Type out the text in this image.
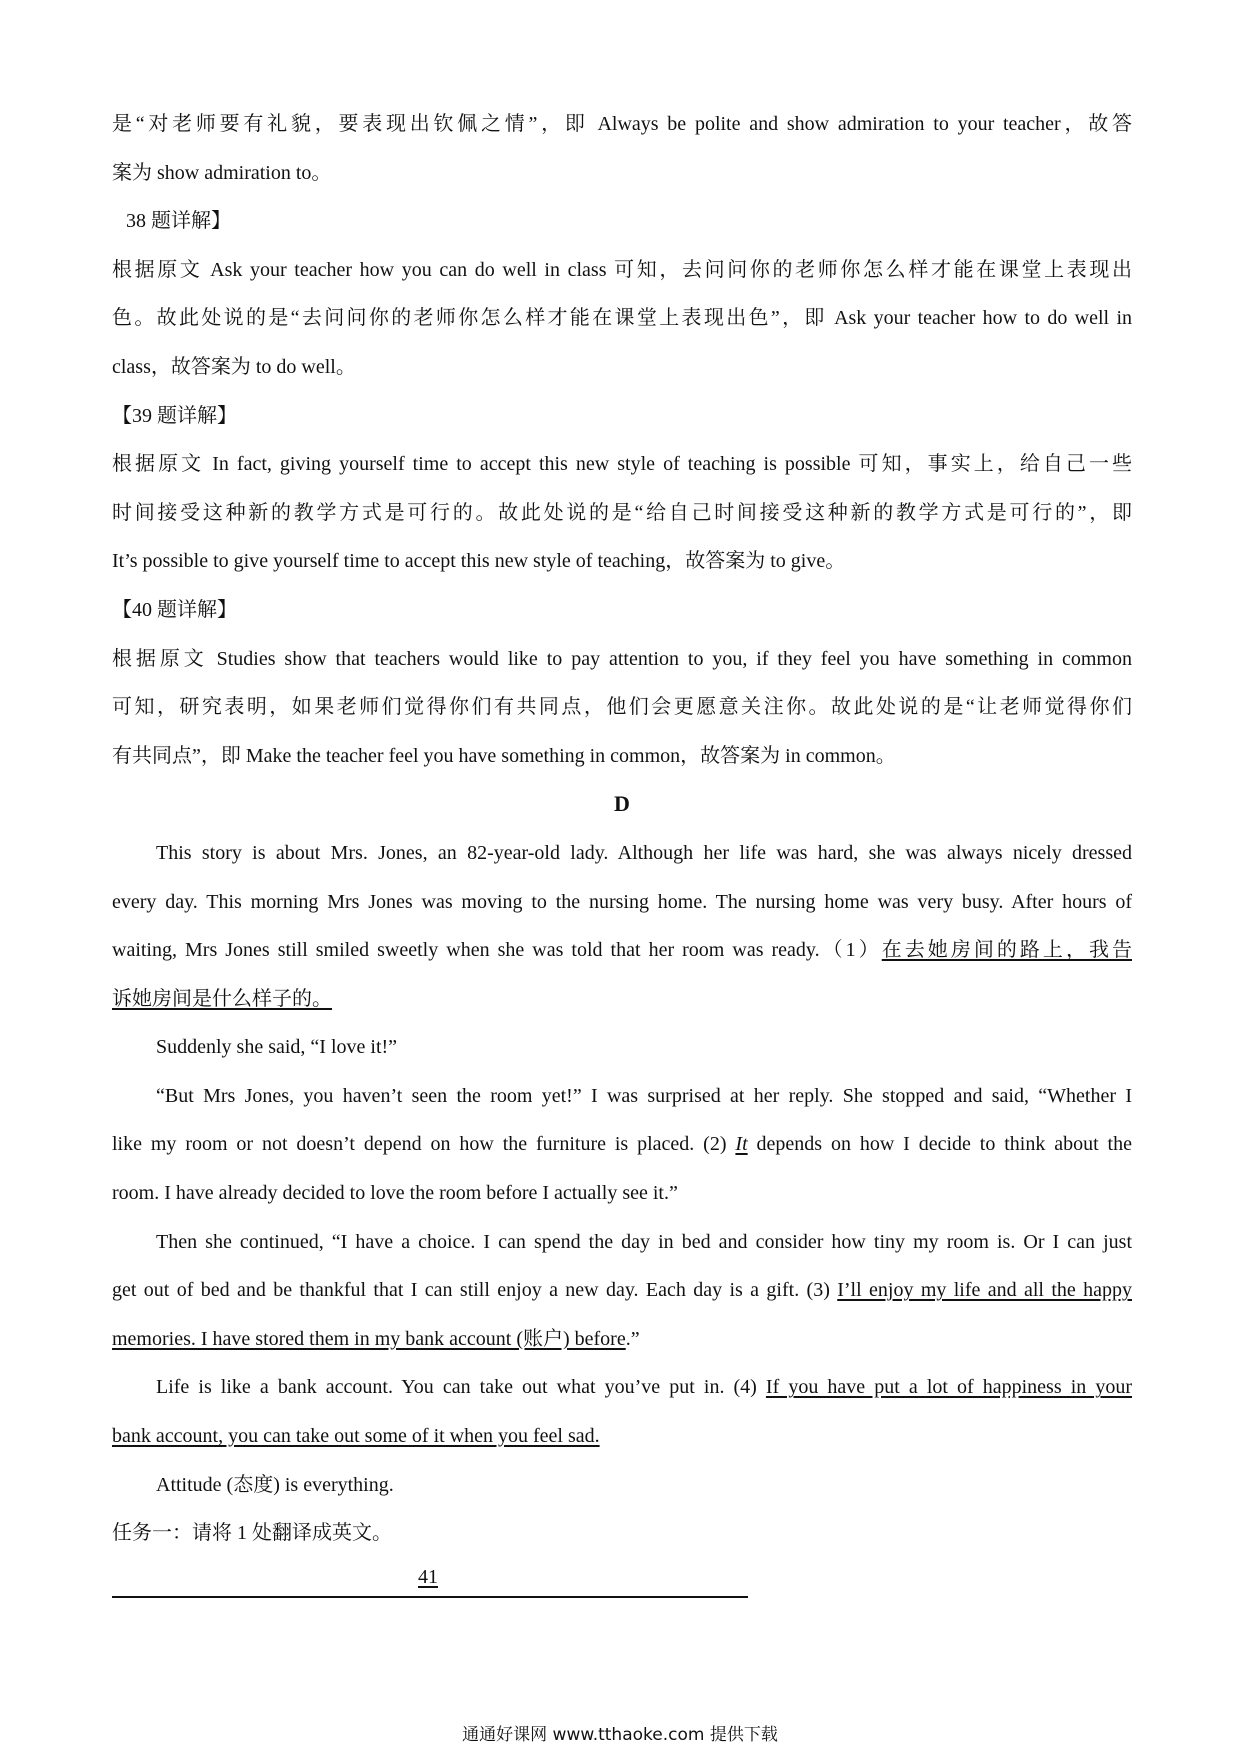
是“对老师要有礼貌，要表现出钦佩之情”，即 Always be polite and show admiration to your teacher，故答
案为 show admiration to。
38 题详解】
根据原文 Ask your teacher how you can do well in class 可知，去问问你的老师你怎么样才能在课堂上表现出
色。故此处说的是“去问问你的老师你怎么样才能在课堂上表现出色”，即 Ask your teacher how to do well in
class，故答案为 to do well。
【39 题详解】
根据原文 In fact, giving yourself time to accept this new style of teaching is possible 可知，事实上，给自己一些
时间接受这种新的教学方式是可行的。故此处说的是“给自己时间接受这种新的教学方式是可行的”，即
It’s possible to give yourself time to accept this new style of teaching，故答案为 to give。
【40 题详解】
根据原文 Studies show that teachers would like to pay attention to you, if they feel you have something in common
可知，研究表明，如果老师们觉得你们有共同点，他们会更愿意关注你。故此处说的是“让老师觉得你们
有共同点”，即 Make the teacher feel you have something in common，故答案为 in common。
D
This story is about Mrs. Jones, an 82-year-old lady. Although her life was hard, she was always nicely dressed
every day. This morning Mrs Jones was moving to the nursing home. The nursing home was very busy. After hours of
waiting, Mrs Jones still smiled sweetly when she was told that her room was ready.（1）在去她房间的路上，我告
诉她房间是什么样子的。
Suddenly she said, “I love it!”
“But Mrs Jones, you haven’t seen the room yet!” I was surprised at her reply. She stopped and said, “Whether I
like my room or not doesn’t depend on how the furniture is placed. (2) It depends on how I decide to think about the
room. I have already decided to love the room before I actually see it.”
Then she continued, “I have a choice. I can spend the day in bed and consider how tiny my room is. Or I can just
get out of bed and be thankful that I can still enjoy a new day. Each day is a gift. (3) I’ll enjoy my life and all the happy
memories. I have stored them in my bank account (账户) before.”
Life is like a bank account. You can take out what you’ve put in. (4) If you have put a lot of happiness in your
bank account, you can take out some of it when you feel sad.
Attitude (态度) is everything.
任务一：请将 1 处翻译成英文。
41
通通好课网 www.tthaoke.com 提供下载
